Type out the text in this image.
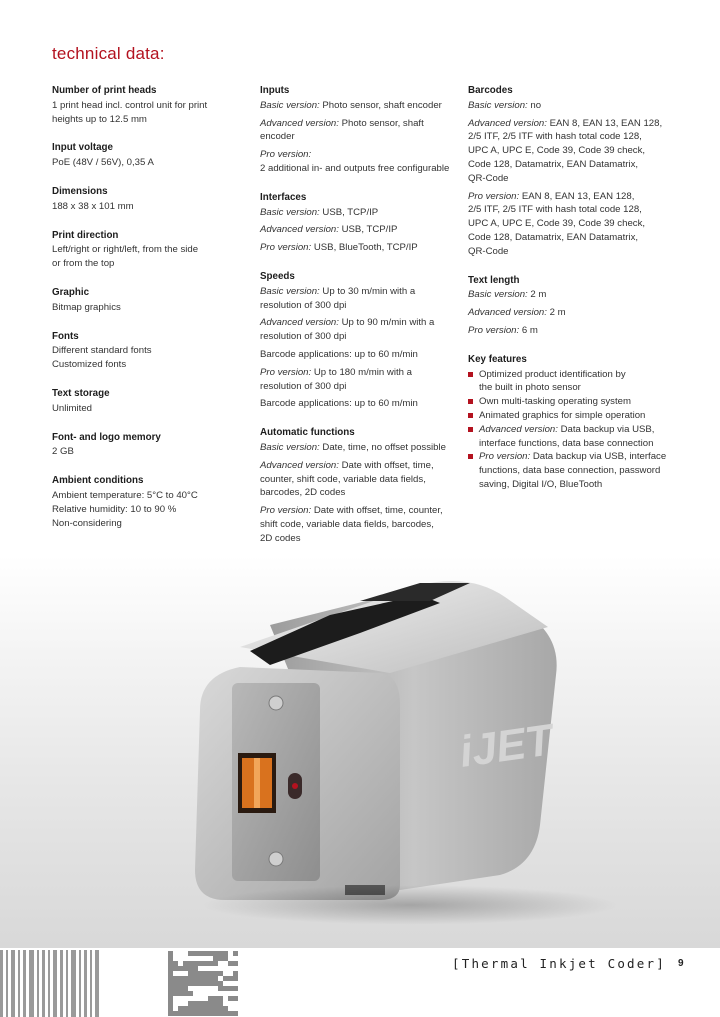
technical data:
Number of print heads
1 print head incl. control unit for print
heights up to 12.5 mm
Input voltage
PoE (48V / 56V), 0,35 A
Dimensions
188 x 38 x 101 mm
Print direction
Left/right or right/left, from the side
or from the top
Graphic
Bitmap graphics
Fonts
Different standard fonts
Customized fonts
Text storage
Unlimited
Font- and logo memory
2 GB
Ambient conditions
Ambient temperature: 5°C to 40°C
Relative humidity: 10 to 90 %
Non-considering
Inputs
Basic version: Photo sensor, shaft encoder
Advanced version: Photo sensor, shaft encoder
Pro version:
2 additional in- and outputs free configurable
Interfaces
Basic version: USB, TCP/IP
Advanced version: USB, TCP/IP
Pro version: USB, BlueTooth, TCP/IP
Speeds
Basic version: Up to 30 m/min with a
resolution of 300 dpi
Advanced version: Up to 90 m/min with a
resolution of 300 dpi
Barcode applications: up to 60 m/min
Pro version: Up to 180 m/min with a
resolution of 300 dpi
Barcode applications: up to 60 m/min
Automatic functions
Basic version: Date, time, no offset possible
Advanced version: Date with offset, time,
counter, shift code, variable data fields,
barcodes, 2D codes
Pro version: Date with offset, time, counter,
shift code, variable data fields, barcodes,
2D codes
Barcodes
Basic version: no
Advanced version: EAN 8, EAN 13, EAN 128,
2/5 ITF, 2/5 ITF with hash total code 128,
UPC A, UPC E, Code 39, Code 39 check,
Code 128, Datamatrix, EAN Datamatrix,
QR-Code
Pro version: EAN 8, EAN 13, EAN 128,
2/5 ITF, 2/5 ITF with hash total code 128,
UPC A, UPC E, Code 39, Code 39 check,
Code 128, Datamatrix, EAN Datamatrix,
QR-Code
Text length
Basic version: 2 m
Advanced version: 2 m
Pro version: 6 m
Key features
Optimized product identification by
the built in photo sensor
Own multi-tasking operating system
Animated graphics for simple operation
Advanced version: Data backup via USB,
interface functions, data base connection
Pro version: Data backup via USB, interface
functions, data base connection, password
saving, Digital I/O, BlueTooth
iJET
[Thermal Inkjet Coder] 9
